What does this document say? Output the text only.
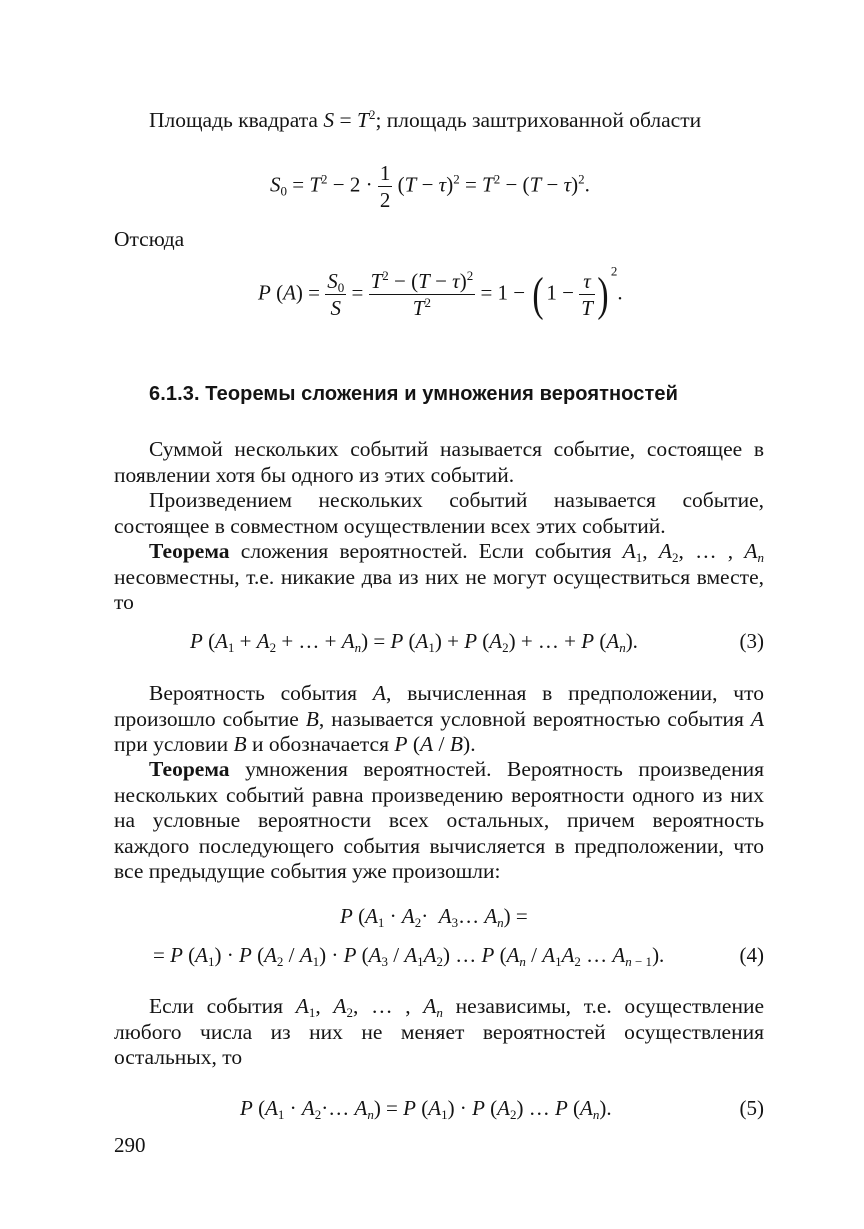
Площадь квадрата $S = T^2$; площадь заштрихованной области
$S_0 = T^2 - 2 \cdot \frac{1}{2} (T - \tau)^2 = T^2 - (T - \tau)^2$.
Отсюда
P $(A) = \frac{S_0}{S} = \frac{T^2 - (T - \tau)^2}{T^2} = 1$ − ( $1 - \frac{\tau}{T}$ ) $^2$.
6.1.3. Теоремы сложения и умножения вероятностей
Суммой нескольких событий называется событие, состоящее в появлении хотя бы одного из этих событий.
Произведением нескольких событий называется событие, состоящее в совместном осуществлении всех этих событий.
Теорема сложения вероятностей. Если события $A_1$, $A_2$, … , $A_n$ несовместны, т.е. никакие два из них не могут осуществиться вместе, то
P ($A_1 + A_2$ + … + $A_n) = P$ $(A_1) + P$ $(A_2)$ + … + P $(A_n)$.	(3)
Вероятность события A, вычисленная в предположении, что произошло событие B, называется условной вероятностью события A при условии B и обозначается P (A / B).
Теорема умножения вероятностей. Вероятность произведения нескольких событий равна произведению вероятности одного из них на условные вероятности всех остальных, причем вероятность каждого последующего события вычисляется в предположении, что все предыдущие события уже произошли:
P ($A_1 \cdot A_2\cdot$  $A_3\dots$ $A_n$) =
= P $(A_1) \cdot P$ $(A_2 / A_1) \cdot P$ $(A_3 / A_1A_2)$ … P ($A_n / A_1A_2$ … $A_{n - 1}$).	(4)
Если события $A_1$, $A_2$, … , $A_n$ независимы, т.е. осуществление любого числа из них не меняет вероятностей осуществления остальных, то
P ($A_1$ · $A_2\cdot\dots$ $A_n) = P$ $(A_1) \cdot P$ $(A_2)$ … P $(A_n)$.	(5)
290
